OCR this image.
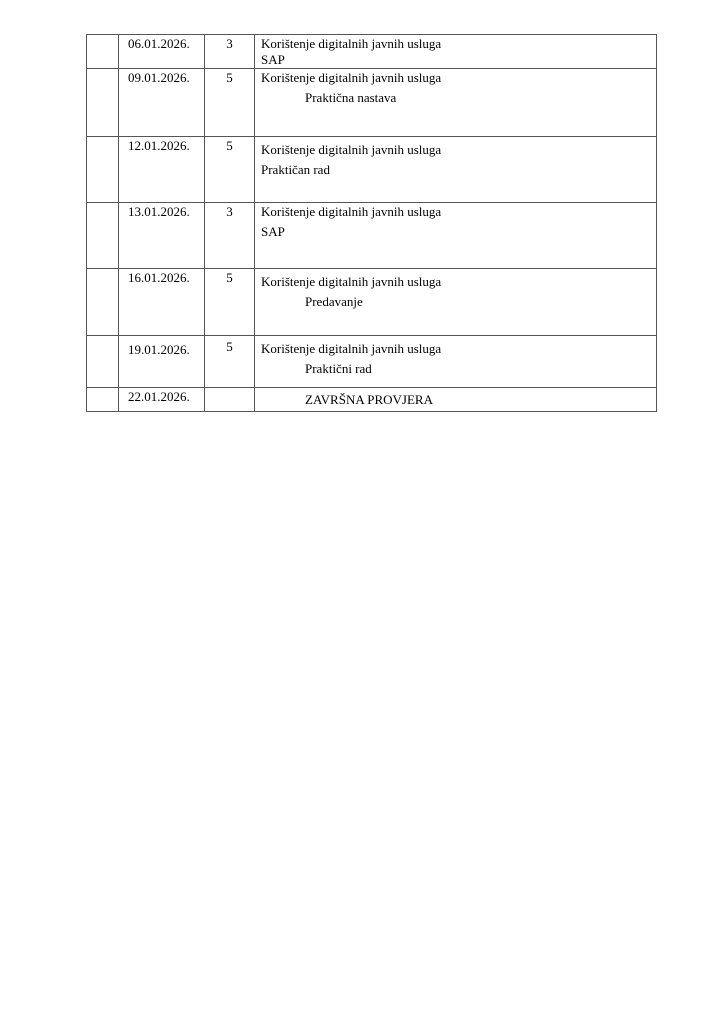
	06.01.2026.	3	Korištenje digitalnih javnih usluga
SAP

	09.01.2026.	5	Korištenje digitalnih javnih usluga
Praktična nastava

	12.01.2026.	5	Korištenje digitalnih javnih usluga
Praktičan rad

	13.01.2026.	3	Korištenje digitalnih javnih usluga
SAP

	16.01.2026.	5	Korištenje digitalnih javnih usluga
Predavanje

	19.01.2026.	5	Korištenje digitalnih javnih usluga
Praktični rad

	22.01.2026.		ZAVRŠNA PROVJERA
